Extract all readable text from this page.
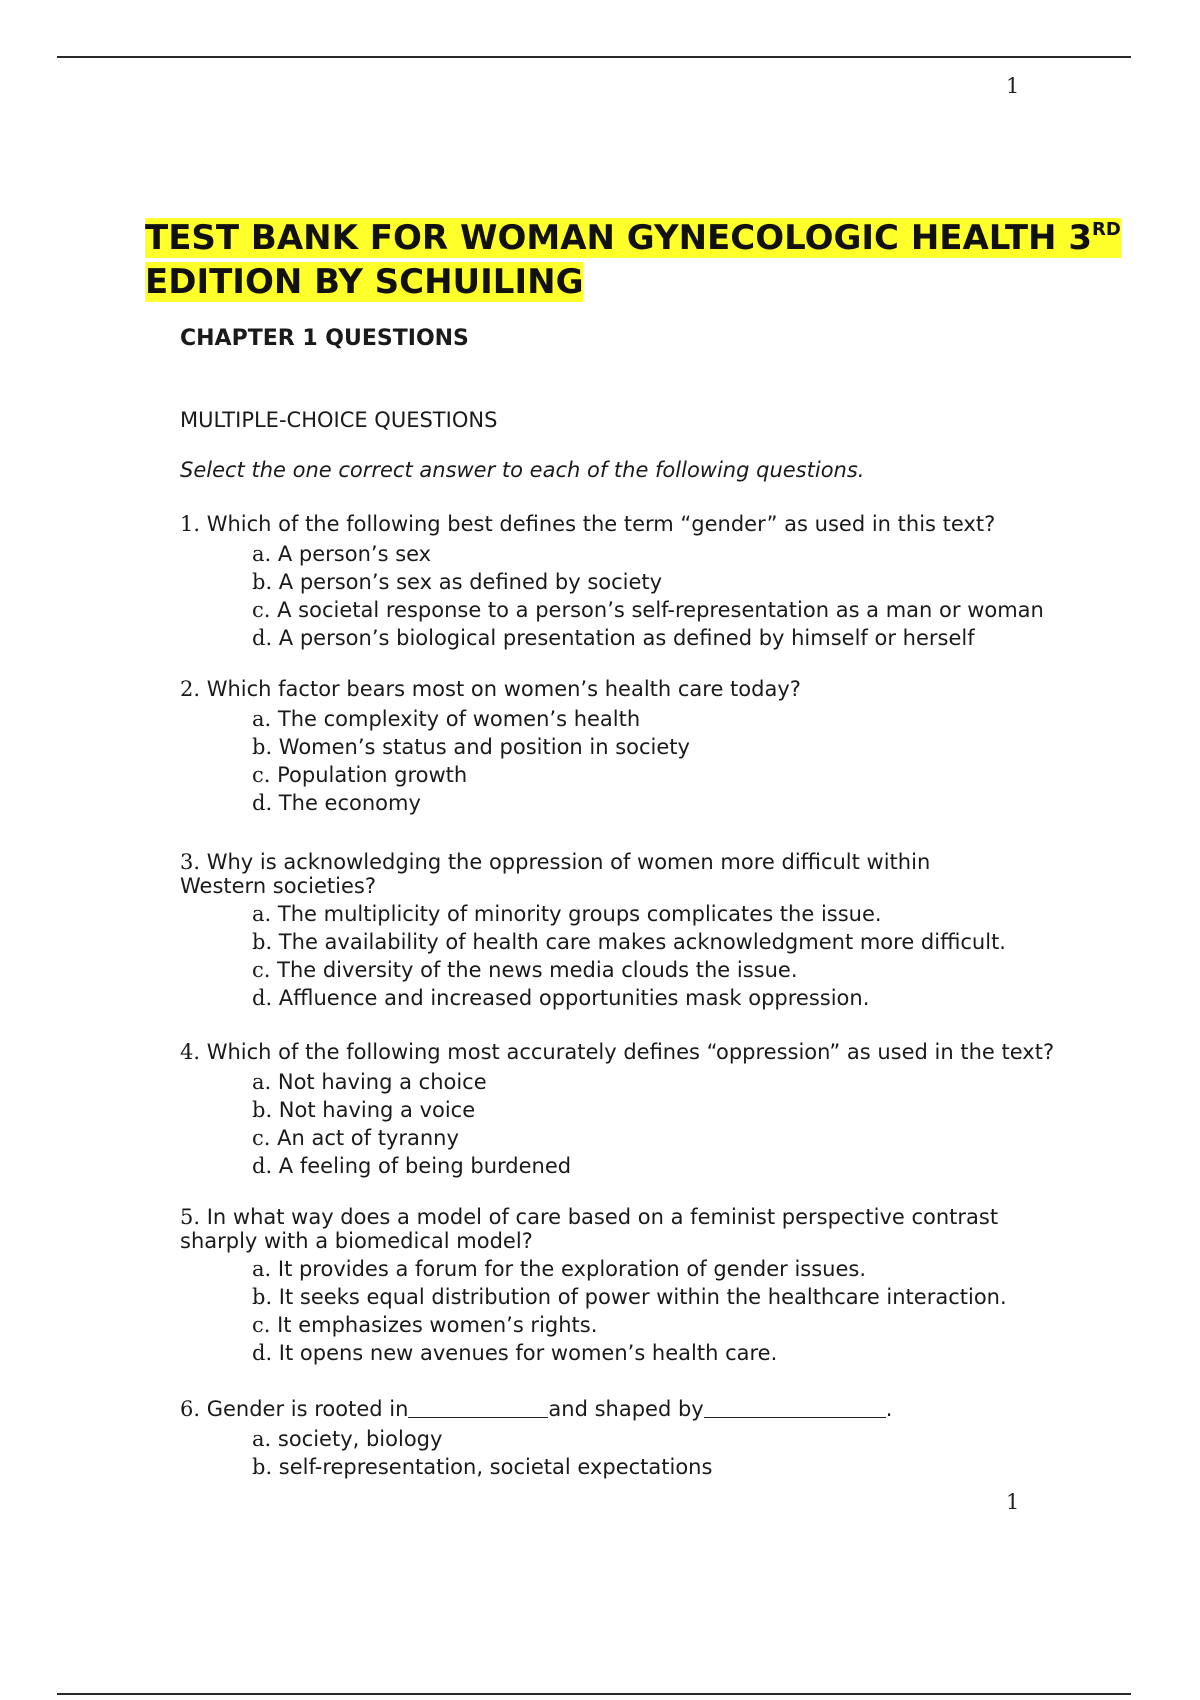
1
TEST BANK FOR WOMAN GYNECOLOGIC HEALTH 3RD
EDITION BY SCHUILING
CHAPTER 1 QUESTIONS
MULTIPLE-CHOICE QUESTIONS
Select the one correct answer to each of the following questions.
1. Which of the following best defines the term “gender” as used in this text?
a. A person’s sex
b. A person’s sex as defined by society
c. A societal response to a person’s self-representation as a man or woman
d. A person’s biological presentation as defined by himself or herself
2. Which factor bears most on women’s health care today?
a. The complexity of women’s health
b. Women’s status and position in society
c. Population growth
d. The economy
3. Why is acknowledging the oppression of women more difficult within
Western societies?
a. The multiplicity of minority groups complicates the issue.
b. The availability of health care makes acknowledgment more difficult.
c. The diversity of the news media clouds the issue.
d. Affluence and increased opportunities mask oppression.
4. Which of the following most accurately defines “oppression” as used in the text?
a. Not having a choice
b. Not having a voice
c. An act of tyranny
d. A feeling of being burdened
5. In what way does a model of care based on a feminist perspective contrast
sharply with a biomedical model?
a. It provides a forum for the exploration of gender issues.
b. It seeks equal distribution of power within the healthcare interaction.
c. It emphasizes women’s rights.
d. It opens new avenues for women’s health care.
6. Gender is rooted in	and shaped by	.
a. society, biology
b. self-representation, societal expectations
1
